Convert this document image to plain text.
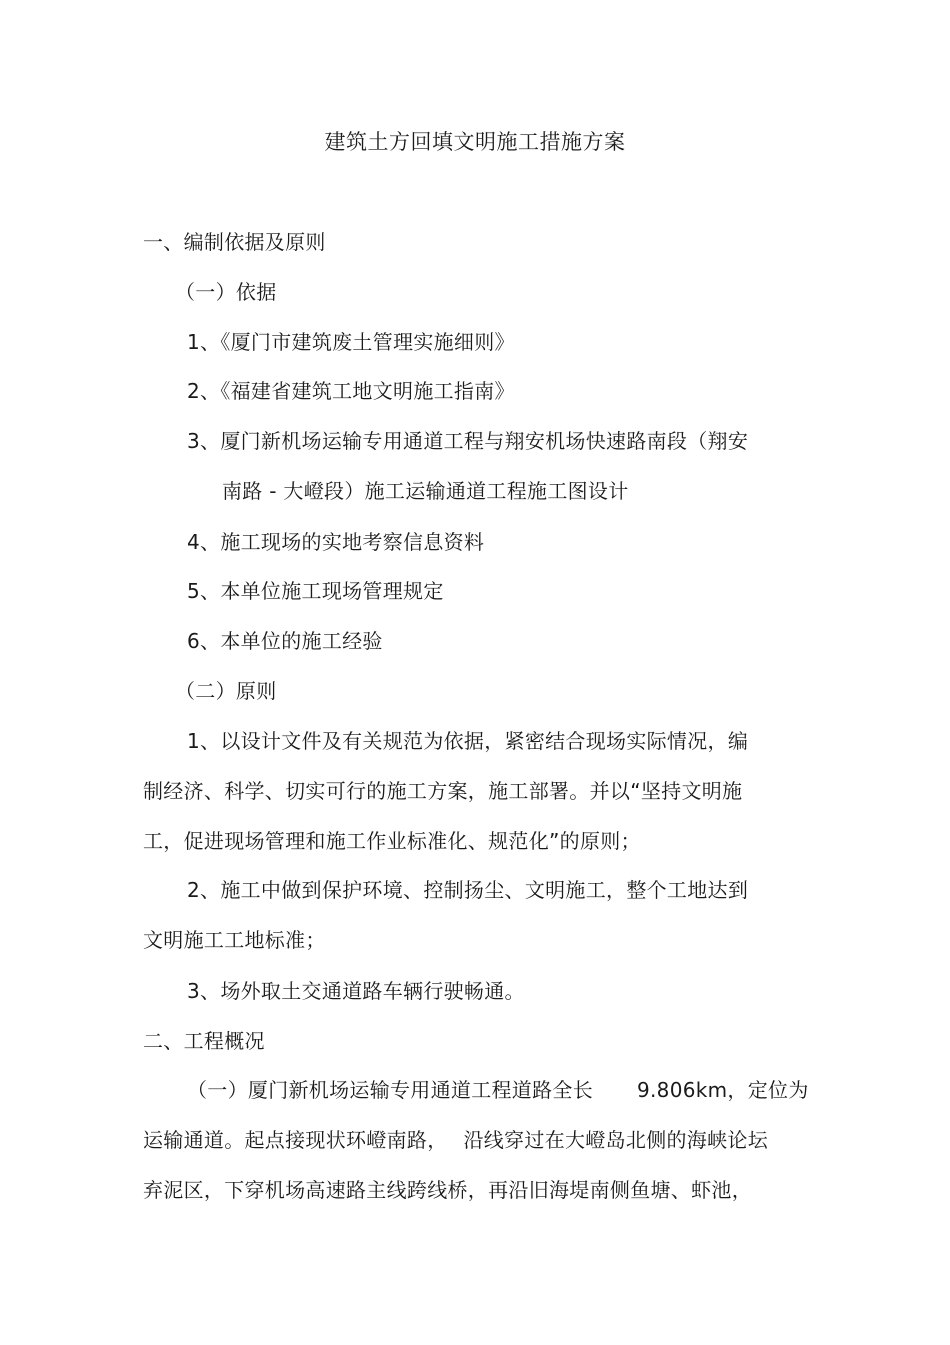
建筑土方回填文明施工措施方案
一、编制依据及原则
（一）依据
1、《厦门市建筑废土管理实施细则》
2、《福建省建筑工地文明施工指南》
3、厦门新机场运输专用通道工程与翔安机场快速路南段（翔安
南路 - 大嶝段）施工运输通道工程施工图设计
4、施工现场的实地考察信息资料
5、本单位施工现场管理规定
6、本单位的施工经验
（二）原则
1、以设计文件及有关规范为依据，紧密结合现场实际情况，编
制经济、科学、切实可行的施工方案，施工部署。并以“坚持文明施
工，促进现场管理和施工作业标准化、规范化”的原则；
2、施工中做到保护环境、控制扬尘、文明施工，整个工地达到
文明施工工地标准；
3、场外取土交通道路车辆行驶畅通。
二、工程概况
（一）厦门新机场运输专用通道工程道路全长 9.806km，定位为
运输通道。起点接现状环嶝南路， 沿线穿过在大嶝岛北侧的海峡论坛
弃泥区，下穿机场高速路主线跨线桥，再沿旧海堤南侧鱼塘、虾池，
